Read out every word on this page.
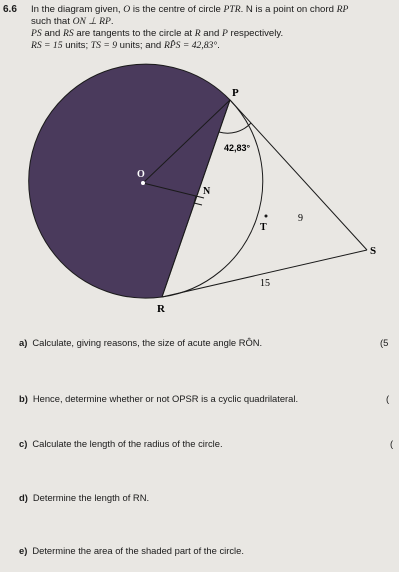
6.6 In the diagram given, O is the centre of circle PTR. N is a point on chord RP
such that ON ⊥ RP.
PS and RS are tangents to the circle at R and P respectively.
RS = 15 units; TS = 9 units; and RP̂S = 42,83°.
P
O
N
T
S
R
42,83°
9
15
a) Calculate, giving reasons, the size of acute angle RÔN.	(5
b) Hence, determine whether or not OPSR is a cyclic quadrilateral.	(
c) Calculate the length of the radius of the circle.	(
d) Determine the length of RN.
e) Determine the area of the shaded part of the circle.
